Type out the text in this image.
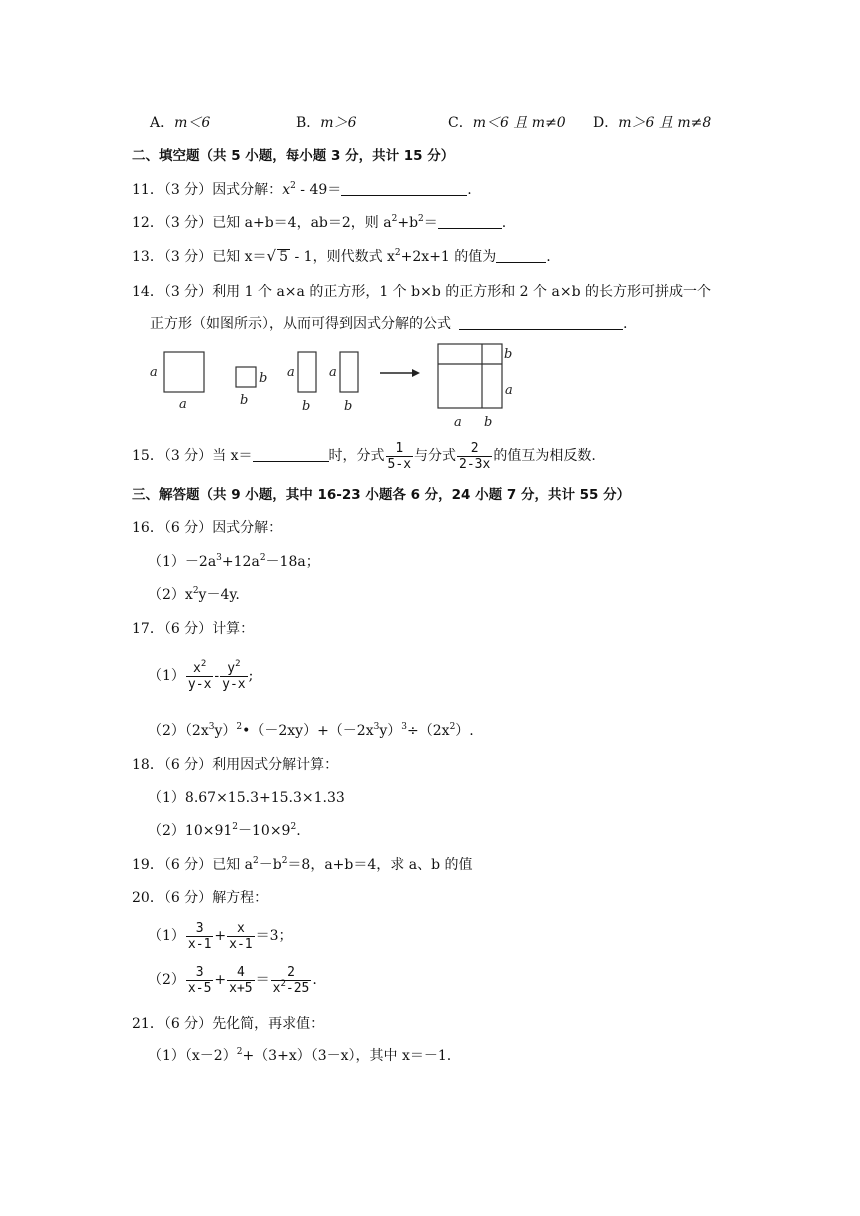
A．m＜6	B．m＞6	C．m＜6 且 m≠0 D．m＞6 且 m≠8
二、填空题（共 5 小题，每小题 3 分，共计 15 分）
11．（3 分）因式分解：$x^2 - 49=$	.
12．（3 分）已知 a+b＝4，ab＝2，则 $a^2+b^2=$	.
13．（3 分）已知 x＝√ 5 - 1，则代数式 $x^2+2x+1$ 的值为	.
14．（3 分）利用 1 个 a×a 的正方形，1 个 b×b 的正方形和 2 个 a×b 的长方形可拼成一个
正方形（如图所示），从而可得到因式分解的公式	.
a
a
b
b
a
b
a
b
b
a
a b
15．（3 分）当 x＝	时，分式 $\frac{1}{5-x}$ 与分式 $\frac{2}{2-3x}$ 的值互为相反数.
三、解答题（共 9 小题，其中 16-23 小题各 6 分，24 小题 7 分，共计 55 分）
16．（6 分）因式分解：
$(1)-2a^3+12a^2-18a$；
$(2)x^2y-4y$.
17．（6 分）计算：
$(1) \frac{x^2}{y-x} - \frac{y^2}{y-x}$ ;
$(2)(2x^3y)^2•(-2xy)+(-2x^3y)^3\div(2x^2)$.
18．（6 分）利用因式分解计算：
（1）8.67×15.3+15.3×1.33
$(2)10\times 91^2-10\times 9^2$.
19．（6 分）已知 $a^2-b^2=8$，a+b＝4，求 a、b 的值
20．（6 分）解方程：
$(1) \frac{3}{x-1} + \frac{x}{x-1} =3$；
$(2) \frac{3}{x-5} + \frac{4}{x+5} = \frac{2}{x^2-25}$ .
21．（6 分）先化简，再求值：
$(1)(x-2)^2+(3+x)(3-x)$，其中 x＝－1.
